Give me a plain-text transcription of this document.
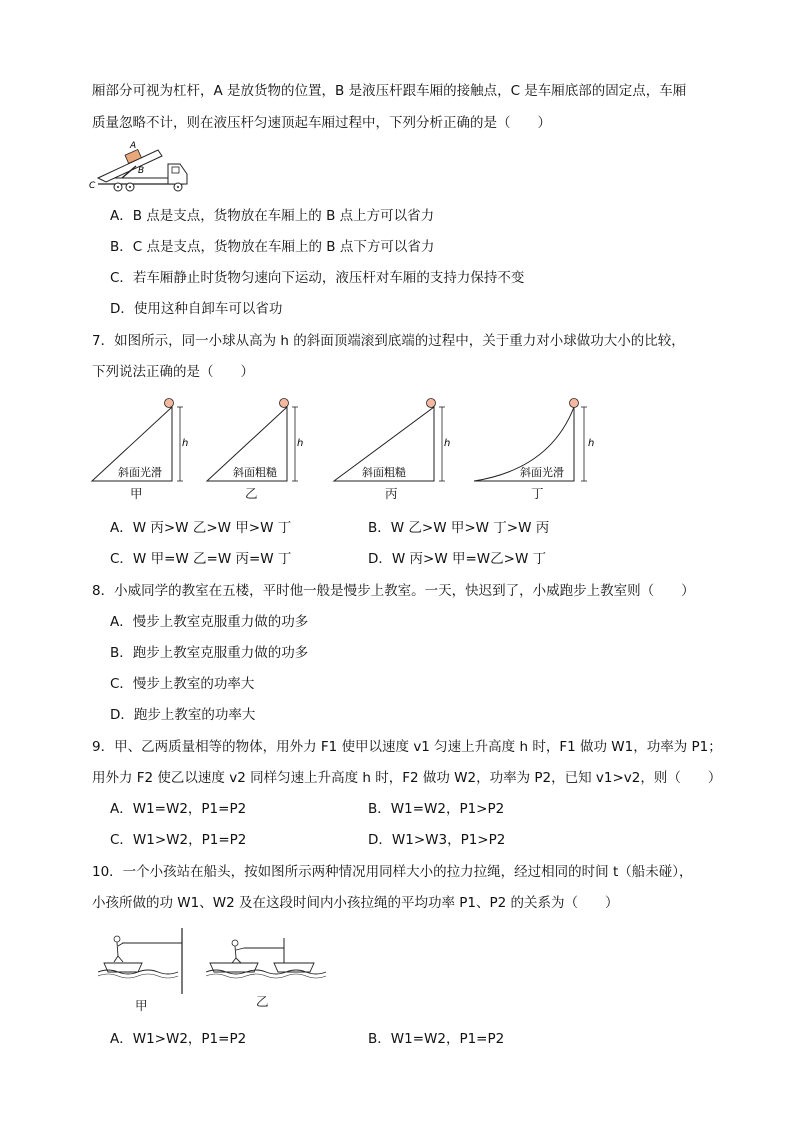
厢部分可视为杠杆，A 是放货物的位置，B 是液压杆跟车厢的接触点，C 是车厢底部的固定点，车厢
质量忽略不计，则在液压杆匀速顶起车厢过程中，下列分析正确的是（　　）
A
B
C
A．B 点是支点，货物放在车厢上的 B 点上方可以省力
B．C 点是支点，货物放在车厢上的 B 点下方可以省力
C．若车厢静止时货物匀速向下运动，液压杆对车厢的支持力保持不变
D．使用这种自卸车可以省功
7．如图所示，同一小球从高为 h 的斜面顶端滚到底端的过程中，关于重力对小球做功大小的比较，
下列说法正确的是（　　）
h
斜面光滑
h
斜面粗糙
h
斜面粗糙
h
斜面光滑
甲	乙	丙	丁
A．W 丙>W 乙>W 甲>W 丁	B．W 乙>W 甲>W 丁>W 丙
C．W 甲=W 乙=W 丙=W 丁	D．W 丙>W 甲=W乙>W 丁
8．小威同学的教室在五楼，平时他一般是慢步上教室。一天，快迟到了，小威跑步上教室则（　　）
A．慢步上教室克服重力做的功多
B．跑步上教室克服重力做的功多
C．慢步上教室的功率大
D．跑步上教室的功率大
9．甲、乙两质量相等的物体，用外力 F1 使甲以速度 v1 匀速上升高度 h 时，F1 做功 W1，功率为 P1；
用外力 F2 使乙以速度 v2 同样匀速上升高度 h 时，F2 做功 W2，功率为 P2，已知 v1>v2，则（　　）
A．W1=W2，P1=P2	B．W1=W2，P1>P2
C．W1>W2，P1=P2	D．W1>W3，P1>P2
10．一个小孩站在船头，按如图所示两种情况用同样大小的拉力拉绳，经过相同的时间 t（船未碰），
小孩所做的功 W1、W2 及在这段时间内小孩拉绳的平均功率 P1、P2 的关系为（　　）
甲	乙
A．W1>W2，P1=P2	B．W1=W2，P1=P2
